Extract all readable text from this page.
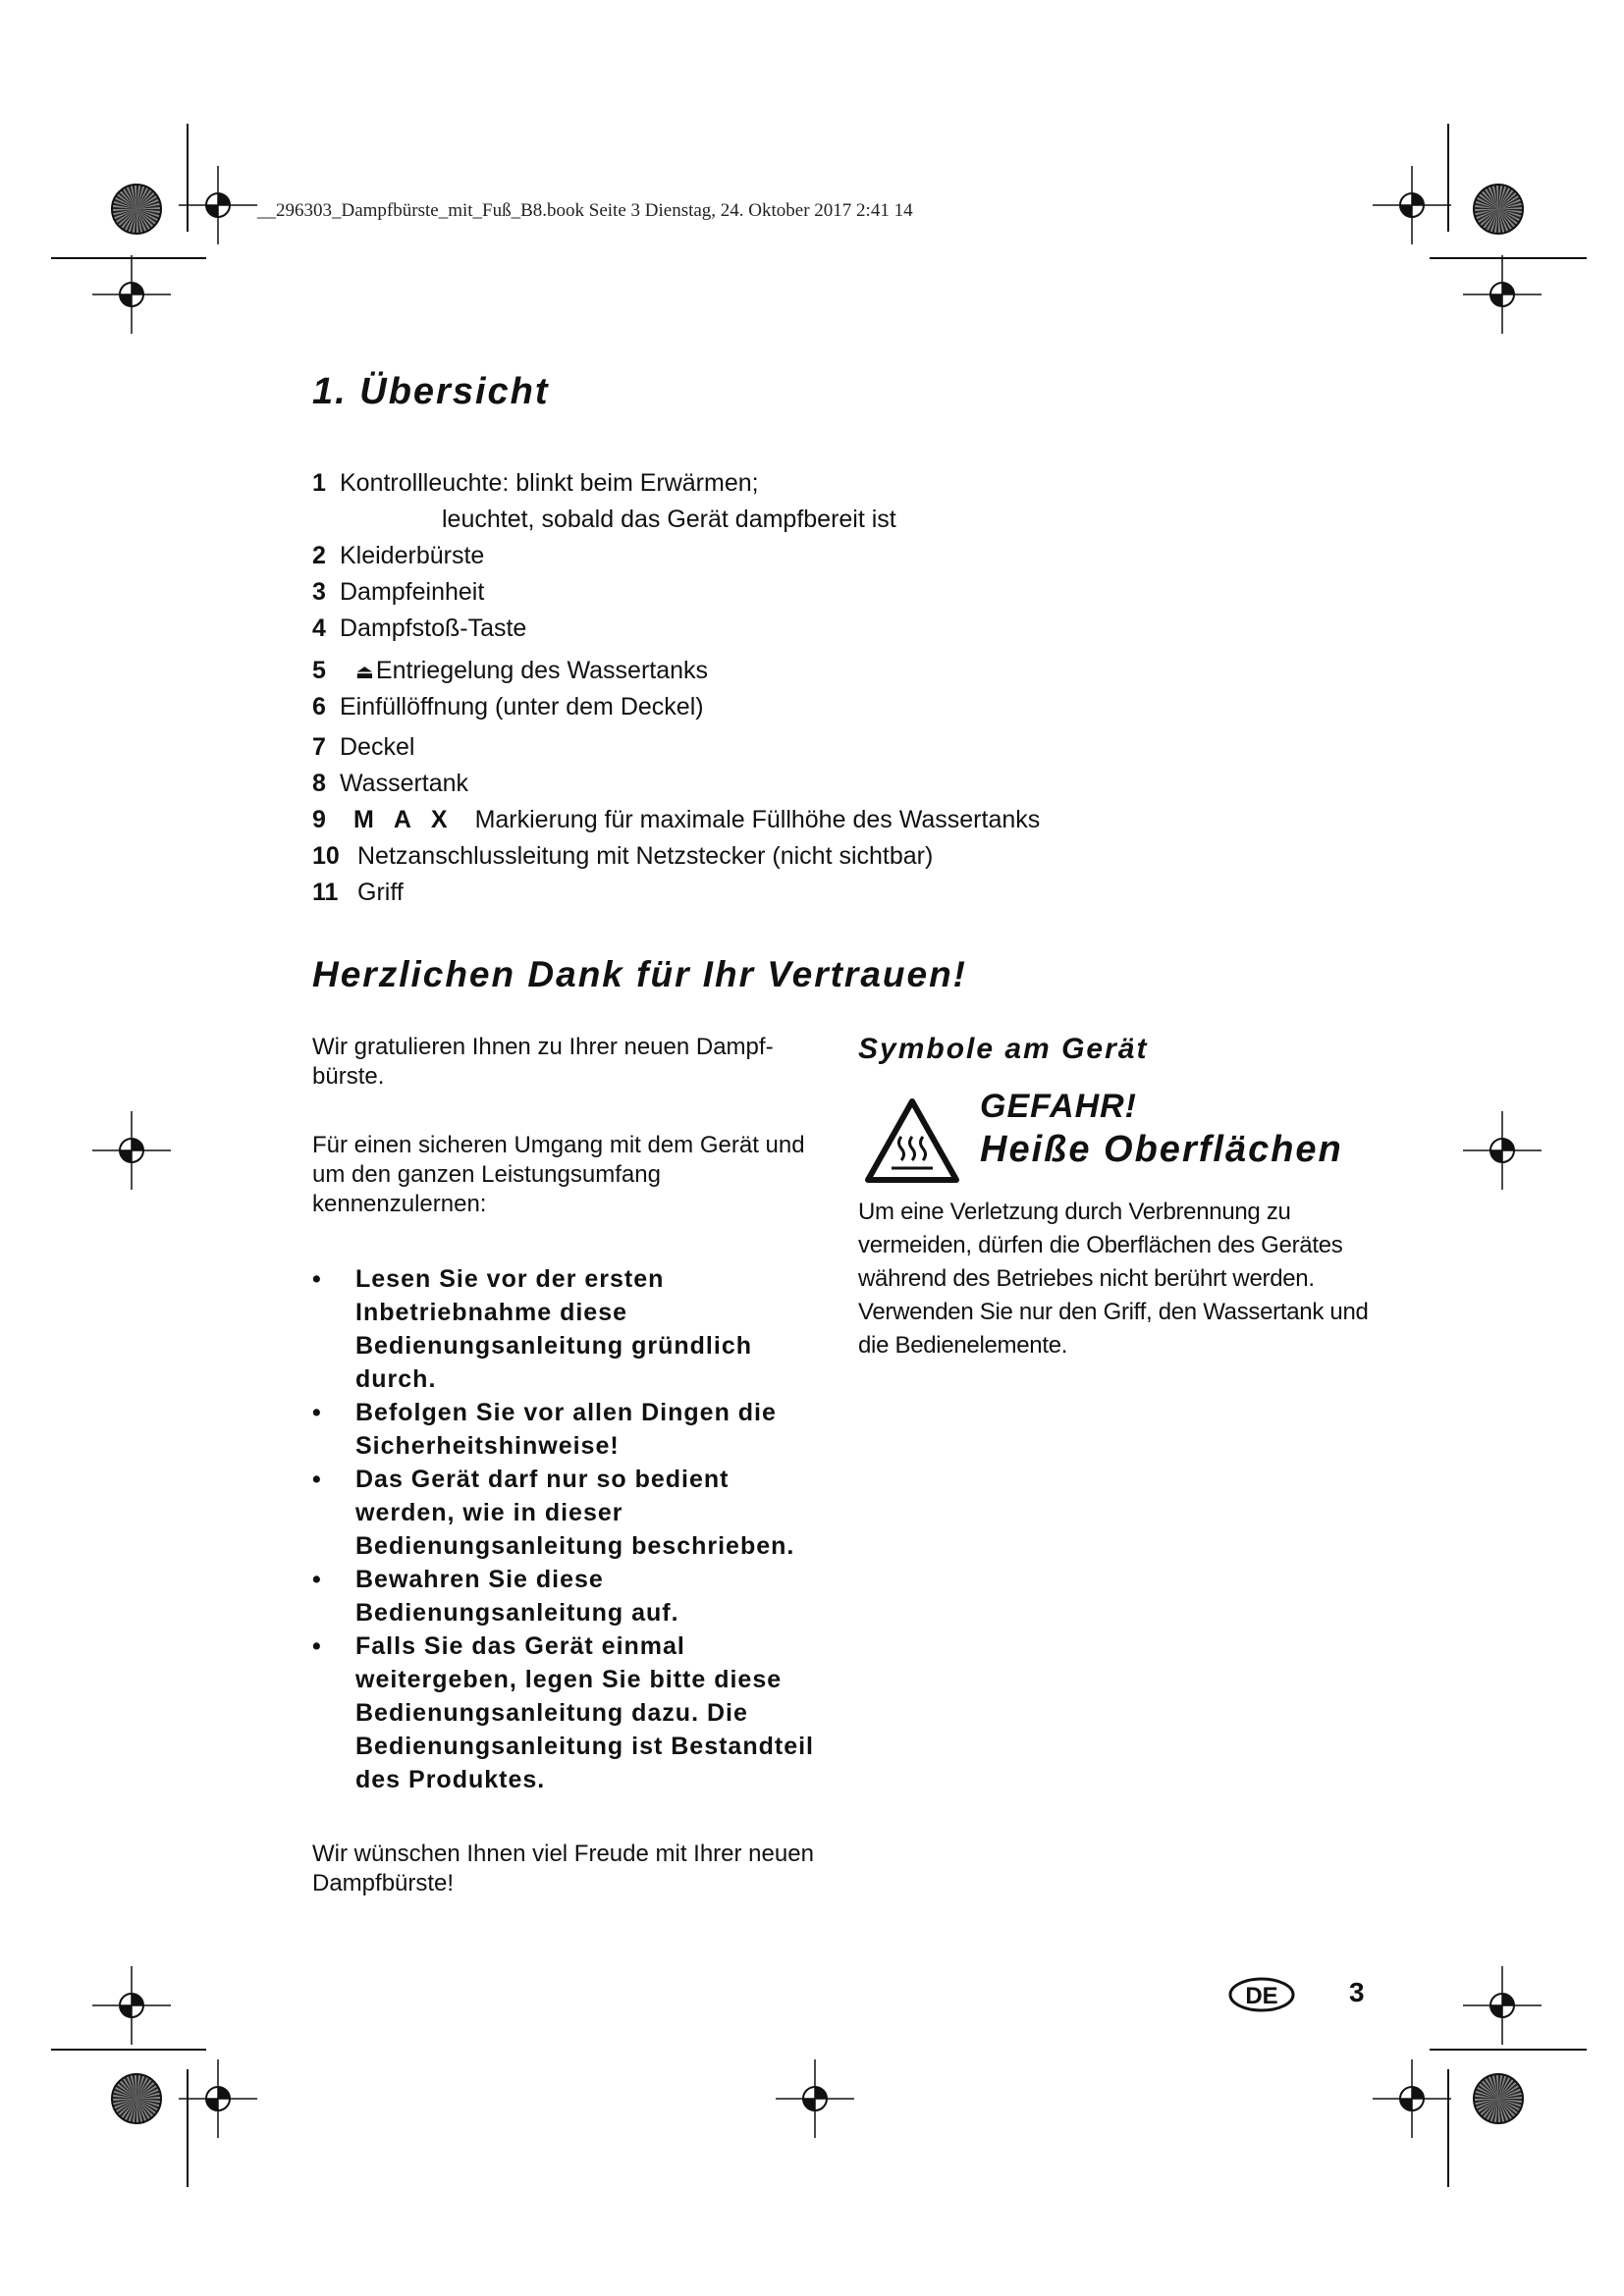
__296303_Dampfbürste_mit_Fuß_B8.book Seite 3 Dienstag, 24. Oktober 2017 2:41 14
1. Übersicht
1 Kontrollleuchte: blinkt beim Erwärmen;
leuchtet, sobald das Gerät dampfbereit ist
2 Kleiderbürste
3 Dampfeinheit
4 Dampfstoß-Taste
5 ⏏Entriegelung des Wassertanks
6 Einfüllöffnung (unter dem Deckel)
7 Deckel
8 Wassertank
9 MAX Markierung für maximale Füllhöhe des Wassertanks
10 Netzanschlussleitung mit Netzstecker (nicht sichtbar)
11 Griff
Herzlichen Dank für Ihr Vertrauen!

Wir gratulieren Ihnen zu Ihrer neuen Dampf-bürste.

Für einen sicheren Umgang mit dem Gerät und um den ganzen Leistungsumfang kennenzulernen:

•	Lesen Sie vor der ersten Inbetriebnahme diese Bedienungsanleitung gründlich durch.
•	Befolgen Sie vor allen Dingen die Sicherheitshinweise!
•	Das Gerät darf nur so bedient werden, wie in dieser Bedienungsanleitung beschrieben.
•	Bewahren Sie diese Bedienungsanleitung auf.
•	Falls Sie das Gerät einmal weitergeben, legen Sie bitte diese Bedienungsanleitung dazu. Die Bedienungsanleitung ist Bestandteil des Produktes.

Wir wünschen Ihnen viel Freude mit Ihrer neuen Dampfbürste!

Symbole am Gerät
GEFAHR!
Heiße Oberflächen
Um eine Verletzung durch Verbrennung zu vermeiden, dürfen die Oberflächen des Gerätes während des Betriebes nicht berührt werden. Verwenden Sie nur den Griff, den Wassertank und die Bedienelemente.
DE	3
